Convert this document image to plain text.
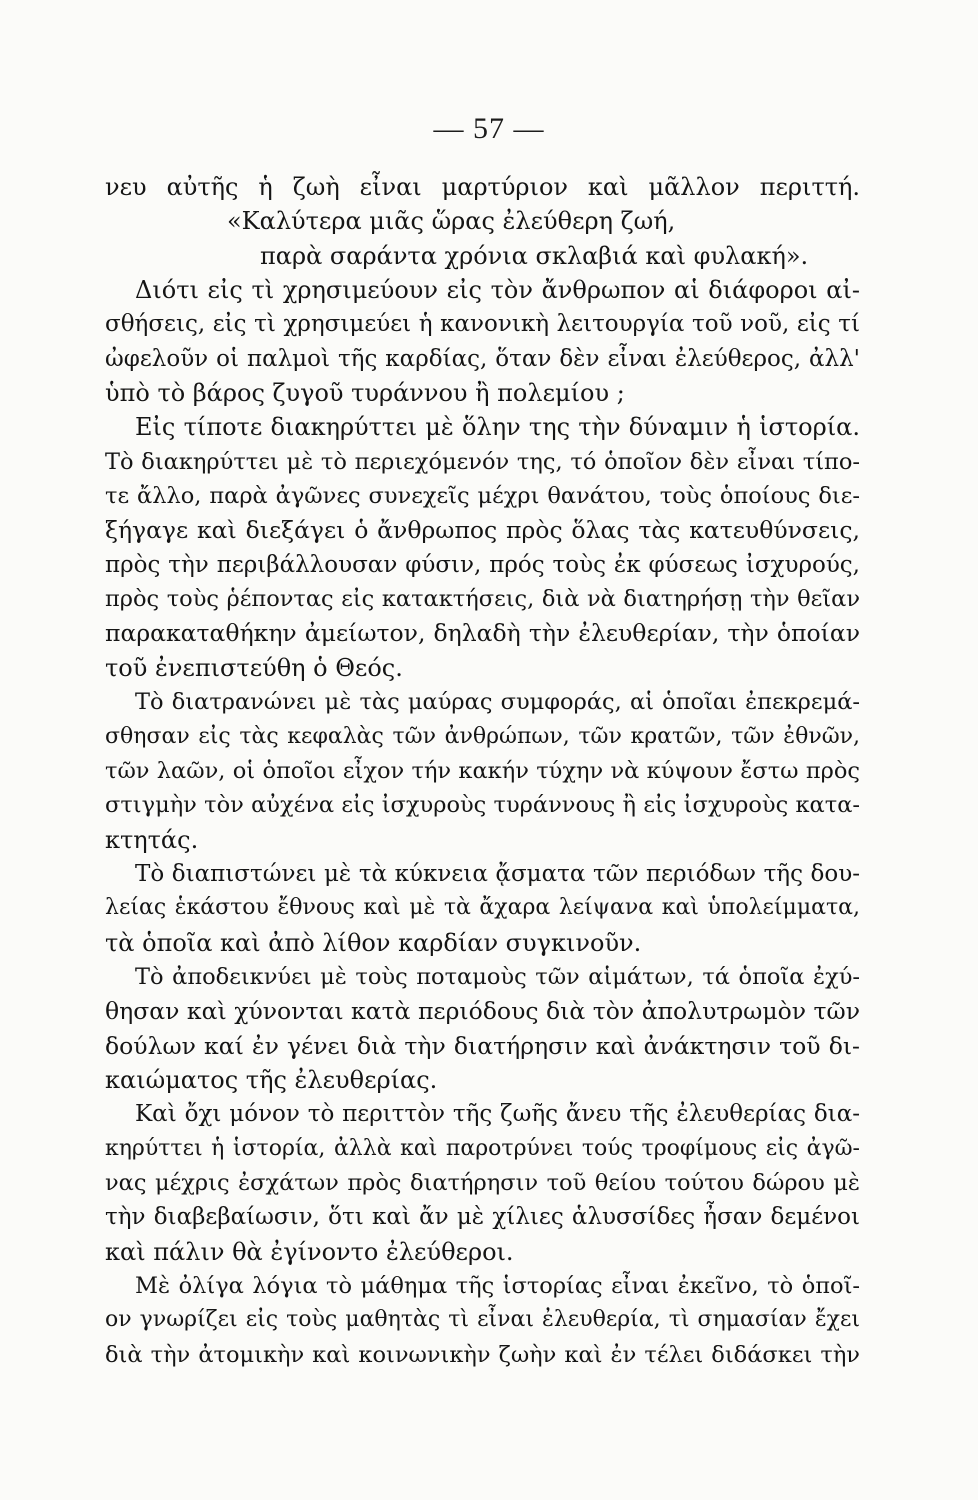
— 57 —
νευ αὐτῆς ἡ ζωὴ εἶναι μαρτύριον καὶ μᾶλλον περιττή.
«Καλύτερα μιᾶς ὥρας ἐλεύθερη ζωή,
παρὰ σαράντα χρόνια σκλαβιά καὶ φυλακή».
Διότι εἰς τὶ χρησιμεύουν εἰς τὸν ἄνθρωπον αἱ διάφοροι αἰ-
σθήσεις, εἰς τὶ χρησιμεύει ἡ κανονικὴ λειτουργία τοῦ νοῦ, εἰς τί
ὠφελοῦν οἱ παλμοὶ τῆς καρδίας, ὅταν δὲν εἶναι ἐλεύθερος, ἀλλ'
ὑπὸ τὸ βάρος ζυγοῦ τυράννου ἢ πολεμίου ;
Εἰς τίποτε διακηρύττει μὲ ὅλην της τὴν δύναμιν ἡ ἱστορία.
Τὸ διακηρύττει μὲ τὸ περιεχόμενόν της, τό ὁποῖον δὲν εἶναι τίπο-
τε ἄλλο, παρὰ ἀγῶνες συνεχεῖς μέχρι θανάτου, τοὺς ὁποίους διε-
ξήγαγε καὶ διεξάγει ὁ ἄνθρωπος πρὸς ὅλας τὰς κατευθύνσεις,
πρὸς τὴν περιβάλλουσαν φύσιν, πρός τοὺς ἐκ φύσεως ἰσχυρούς,
πρὸς τοὺς ῥέποντας εἰς κατακτήσεις, διὰ νὰ διατηρήσῃ τὴν θεῖαν
παρακαταθήκην ἀμείωτον, δηλαδὴ τὴν ἐλευθερίαν, τὴν ὁποίαν
τοῦ ἐνεπιστεύθη ὁ Θεός.
Τὸ διατρανώνει μὲ τὰς μαύρας συμφοράς, αἱ ὁποῖαι ἐπεκρεμά-
σθησαν εἰς τὰς κεφαλὰς τῶν ἀνθρώπων, τῶν κρατῶν, τῶν ἐθνῶν,
τῶν λαῶν, οἱ ὁποῖοι εἶχον τήν κακήν τύχην νὰ κύψουν ἔστω πρὸς
στιγμὴν τὸν αὐχένα εἰς ἰσχυροὺς τυράννους ἢ εἰς ἰσχυροὺς κατα-
κτητάς.
Τὸ διαπιστώνει μὲ τὰ κύκνεια ᾄσματα τῶν περιόδων τῆς δου-
λείας ἑκάστου ἔθνους καὶ μὲ τὰ ἄχαρα λείψανα καὶ ὑπολείμματα,
τὰ ὁποῖα καὶ ἀπὸ λίθον καρδίαν συγκινοῦν.
Τὸ ἀποδεικνύει μὲ τοὺς ποταμοὺς τῶν αἱμάτων, τά ὁποῖα ἐχύ-
θησαν καὶ χύνονται κατὰ περιόδους διὰ τὸν ἀπολυτρωμὸν τῶν
δούλων καί ἐν γένει διὰ τὴν διατήρησιν καὶ ἀνάκτησιν τοῦ δι-
καιώματος τῆς ἐλευθερίας.
Καὶ ὄχι μόνον τὸ περιττὸν τῆς ζωῆς ἄνευ τῆς ἐλευθερίας δια-
κηρύττει ἡ ἱστορία, ἀλλὰ καὶ παροτρύνει τούς τροφίμους εἰς ἀγῶ-
νας μέχρις ἐσχάτων πρὸς διατήρησιν τοῦ θείου τούτου δώρου μὲ
τὴν διαβεβαίωσιν, ὅτι καὶ ἄν μὲ χίλιες ἁλυσσίδες ἦσαν δεμένοι
καὶ πάλιν θὰ ἐγίνοντο ἐλεύθεροι.
Μὲ ὀλίγα λόγια τὸ μάθημα τῆς ἱστορίας εἶναι ἐκεῖνο, τὸ ὁποῖ-
ον γνωρίζει εἰς τοὺς μαθητὰς τὶ εἶναι ἐλευθερία, τὶ σημασίαν ἔχει
διὰ τὴν ἀτομικὴν καὶ κοινωνικὴν ζωὴν καὶ ἐν τέλει διδάσκει τὴν
